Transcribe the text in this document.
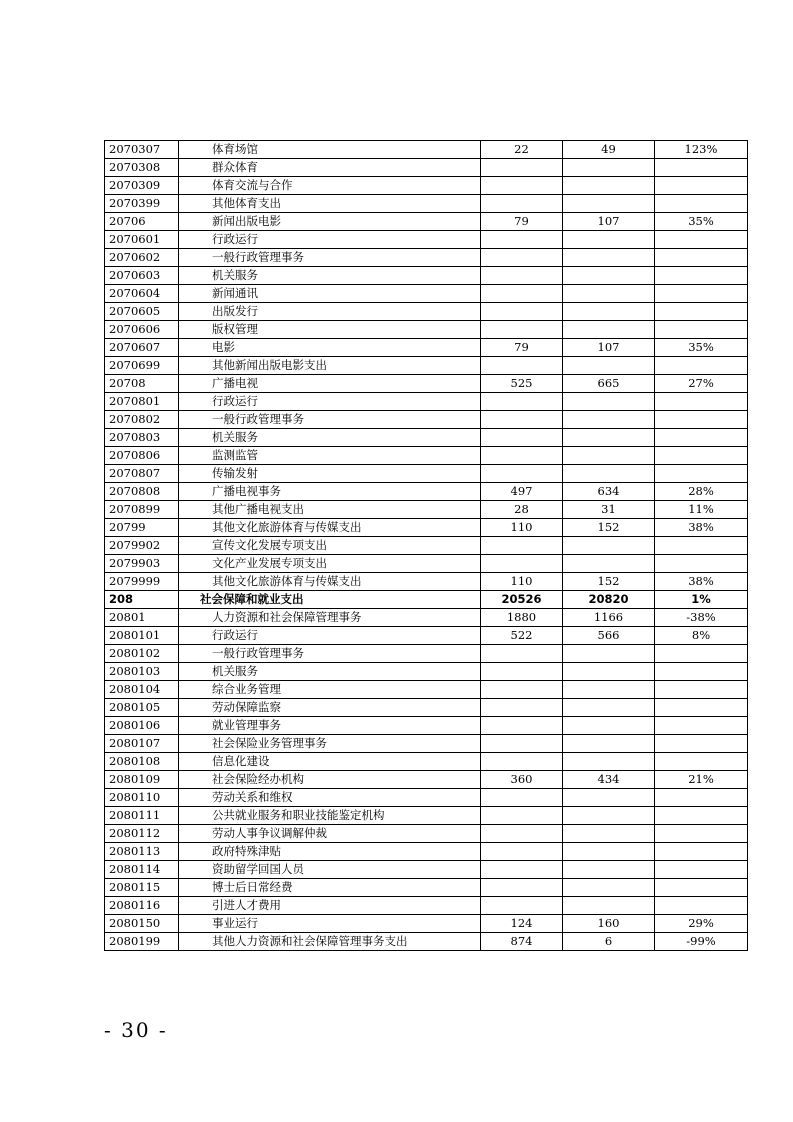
2070307	体育场馆	22	49	123%
2070308	群众体育			
2070309	体育交流与合作			
2070399	其他体育支出			
20706	新闻出版电影	79	107	35%
2070601	行政运行			
2070602	一般行政管理事务			
2070603	机关服务			
2070604	新闻通讯			
2070605	出版发行			
2070606	版权管理			
2070607	电影	79	107	35%
2070699	其他新闻出版电影支出			
20708	广播电视	525	665	27%
2070801	行政运行			
2070802	一般行政管理事务			
2070803	机关服务			
2070806	监测监管			
2070807	传输发射			
2070808	广播电视事务	497	634	28%
2070899	其他广播电视支出	28	31	11%
20799	其他文化旅游体育与传媒支出	110	152	38%
2079902	宣传文化发展专项支出			
2079903	文化产业发展专项支出			
2079999	其他文化旅游体育与传媒支出	110	152	38%
208	社会保障和就业支出	20526	20820	1%
20801	人力资源和社会保障管理事务	1880	1166	-38%
2080101	行政运行	522	566	8%
2080102	一般行政管理事务			
2080103	机关服务			
2080104	综合业务管理			
2080105	劳动保障监察			
2080106	就业管理事务			
2080107	社会保险业务管理事务			
2080108	信息化建设			
2080109	社会保险经办机构	360	434	21%
2080110	劳动关系和维权			
2080111	公共就业服务和职业技能鉴定机构			
2080112	劳动人事争议调解仲裁			
2080113	政府特殊津贴			
2080114	资助留学回国人员			
2080115	博士后日常经费			
2080116	引进人才费用			
2080150	事业运行	124	160	29%
2080199	其他人力资源和社会保障管理事务支出	874	6	-99%
- 30 -
